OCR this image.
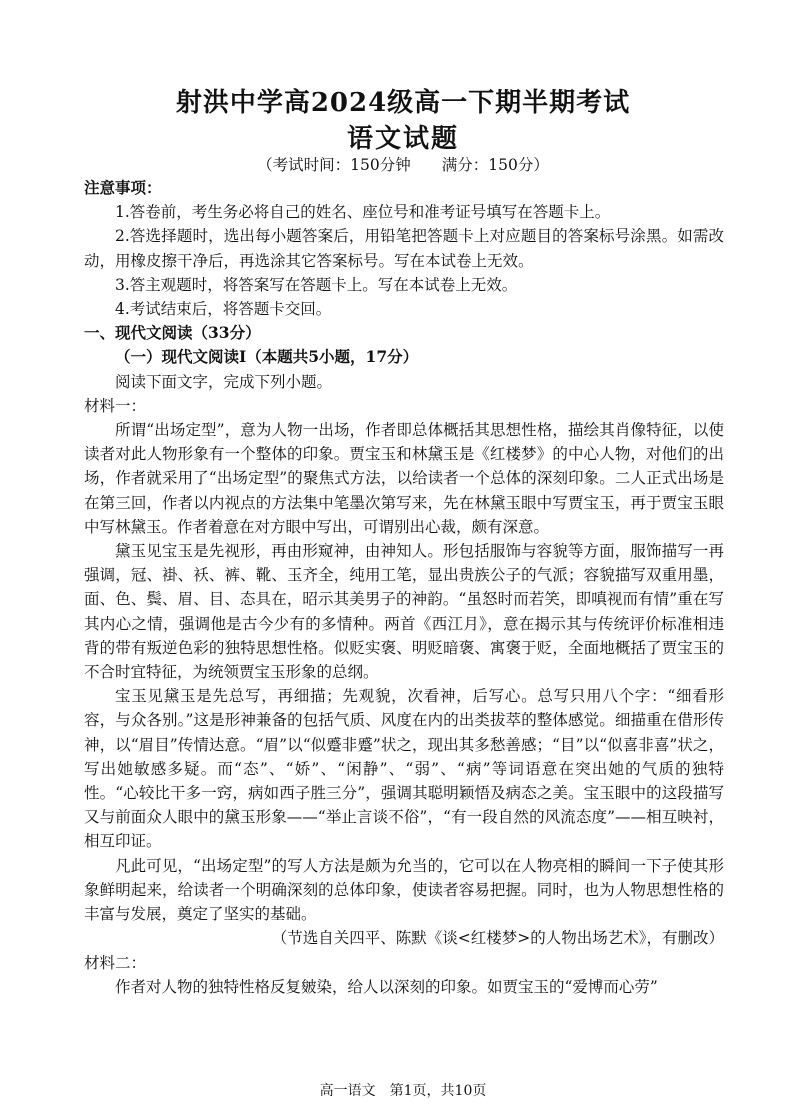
射洪中学高2024级高一下期半期考试
语文试题
（考试时间：150分钟　　满分：150分）

注意事项：

1.答卷前，考生务必将自己的姓名、座位号和准考证号填写在答题卡上。

2.答选择题时，选出每小题答案后，用铅笔把答题卡上对应题目的答案标号涂黑。如需改动，用橡皮擦干净后，再选涂其它答案标号。写在本试卷上无效。

3.答主观题时，将答案写在答题卡上。写在本试卷上无效。

4.考试结束后，将答题卡交回。

一、现代文阅读（33分）

（一）现代文阅读Ⅰ（本题共5小题，17分）

阅读下面文字，完成下列小题。

材料一：

所谓“出场定型”，意为人物一出场，作者即总体概括其思想性格，描绘其肖像特征，以使读者对此人物形象有一个整体的印象。贾宝玉和林黛玉是《红楼梦》的中心人物，对他们的出场，作者就采用了“出场定型”的聚焦式方法，以给读者一个总体的深刻印象。二人正式出场是在第三回，作者以内视点的方法集中笔墨次第写来，先在林黛玉眼中写贾宝玉，再于贾宝玉眼中写林黛玉。作者着意在对方眼中写出，可谓别出心裁，颇有深意。

黛玉见宝玉是先视形，再由形窥神，由神知人。形包括服饰与容貌等方面，服饰描写一再强调，冠、褂、袄、裤、靴、玉齐全，纯用工笔，显出贵族公子的气派；容貌描写双重用墨，面、色、鬓、眉、目、态具在，昭示其美男子的神韵。“虽怒时而若笑，即嗔视而有情”重在写其内心之情，强调他是古今少有的多情种。两首《西江月》，意在揭示其与传统评价标准相违背的带有叛逆色彩的独特思想性格。似贬实褒、明贬暗褒、寓褒于贬，全面地概括了贾宝玉的不合时宜特征，为统领贾宝玉形象的总纲。

宝玉见黛玉是先总写，再细描；先观貌，次看神，后写心。总写只用八个字：“细看形容，与众各别。”这是形神兼备的包括气质、风度在内的出类拔萃的整体感觉。细描重在借形传神，以“眉目”传情达意。“眉”以“似蹙非蹙”状之，现出其多愁善感；“目”以“似喜非喜”状之，写出她敏感多疑。而“态”、“娇”、“闲静”、“弱”、“病”等词语意在突出她的气质的独特性。“心较比干多一窍，病如西子胜三分”，强调其聪明颖悟及病态之美。宝玉眼中的这段描写又与前面众人眼中的黛玉形象——“举止言谈不俗”，“有一段自然的风流态度”——相互映衬，相互印证。

凡此可见，“出场定型”的写人方法是颇为允当的，它可以在人物亮相的瞬间一下子使其形象鲜明起来，给读者一个明确深刻的总体印象，使读者容易把握。同时，也为人物思想性格的丰富与发展，奠定了坚实的基础。

（节选自关四平、陈默《谈<红楼梦>的人物出场艺术》，有删改）

材料二：

作者对人物的独特性格反复皴染，给人以深刻的印象。如贾宝玉的“爱博而心劳”

高一语文　第1页，共10页
